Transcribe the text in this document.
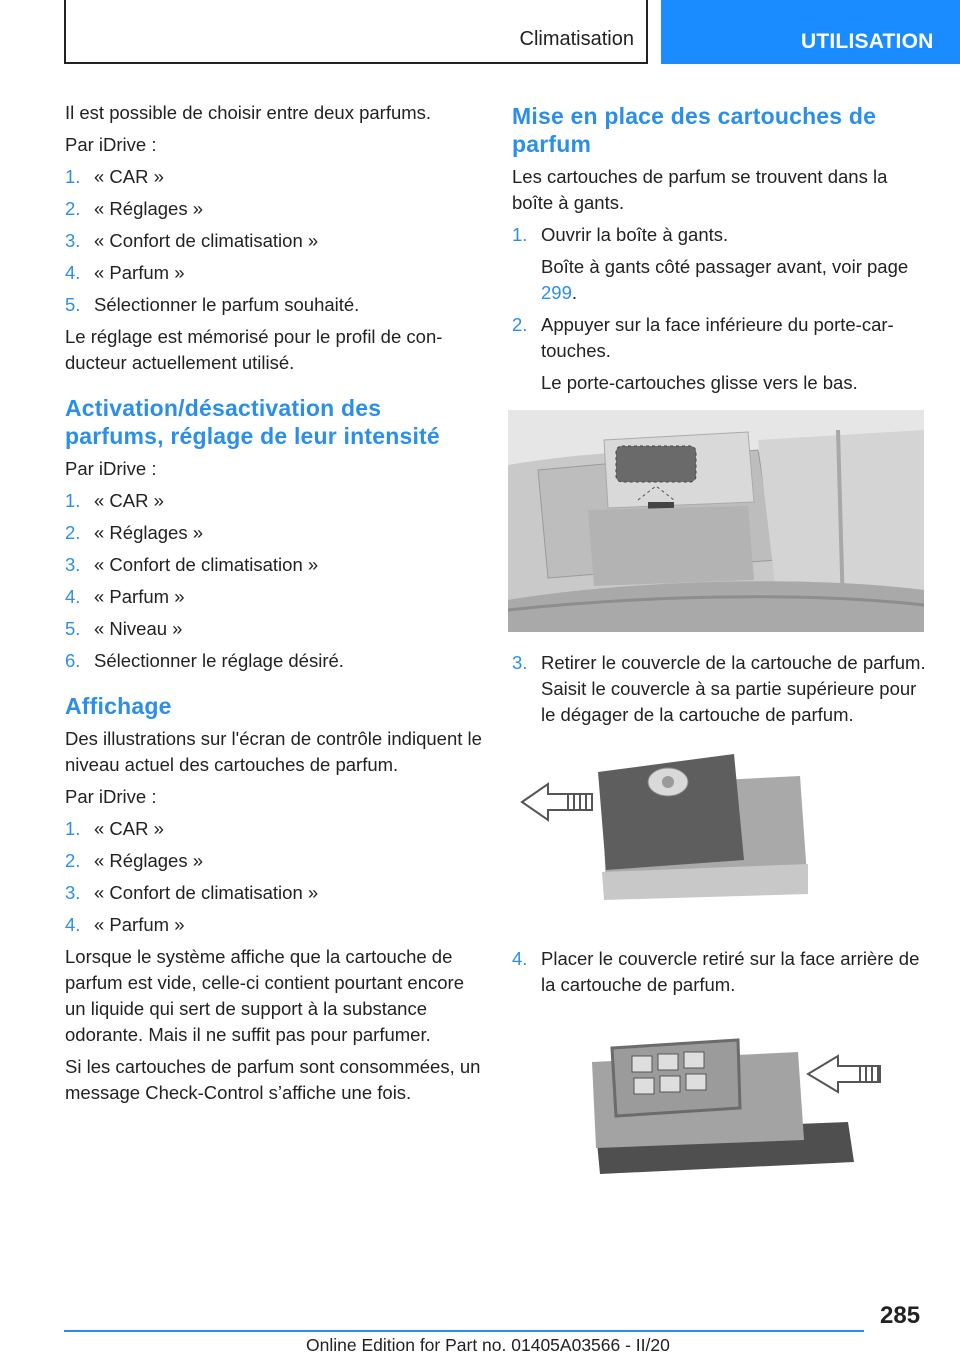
Climatisation	UTILISATION

Il est possible de choisir entre deux parfums.

Par iDrive :

1. « CAR »
2. « Réglages »
3. « Confort de climatisation »
4. « Parfum »
5. Sélectionner le parfum souhaité.

Le réglage est mémorisé pour le profil de conducteur actuellement utilisé.

Activation/désactivation des parfums, réglage de leur intensité

Par iDrive :

1. « CAR »
2. « Réglages »
3. « Confort de climatisation »
4. « Parfum »
5. « Niveau »
6. Sélectionner le réglage désiré.
Affichage

Des illustrations sur l'écran de contrôle indiquent le niveau actuel des cartouches de parfum.

Par iDrive :

1. « CAR »
2. « Réglages »
3. « Confort de climatisation »
4. « Parfum »

Lorsque le système affiche que la cartouche de parfum est vide, celle-ci contient pourtant encore un liquide qui sert de support à la substance odorante. Mais il ne suffit pas pour parfumer.

Si les cartouches de parfum sont consommées, un message Check-Control s’affiche une fois.

Mise en place des cartouches de parfum

Les cartouches de parfum se trouvent dans la boîte à gants.

1. Ouvrir la boîte à gants.
Boîte à gants côté passager avant, voir page 299.
2. Appuyer sur la face inférieure du porte-cartouches.
Le porte-cartouches glisse vers le bas.
3. Retirer le couvercle de la cartouche de parfum. Saisit le couvercle à sa partie supérieure pour le dégager de la cartouche de parfum.
4. Placer le couvercle retiré sur la face arrière de la cartouche de parfum.
285
Online Edition for Part no. 01405A03566 - II/20
